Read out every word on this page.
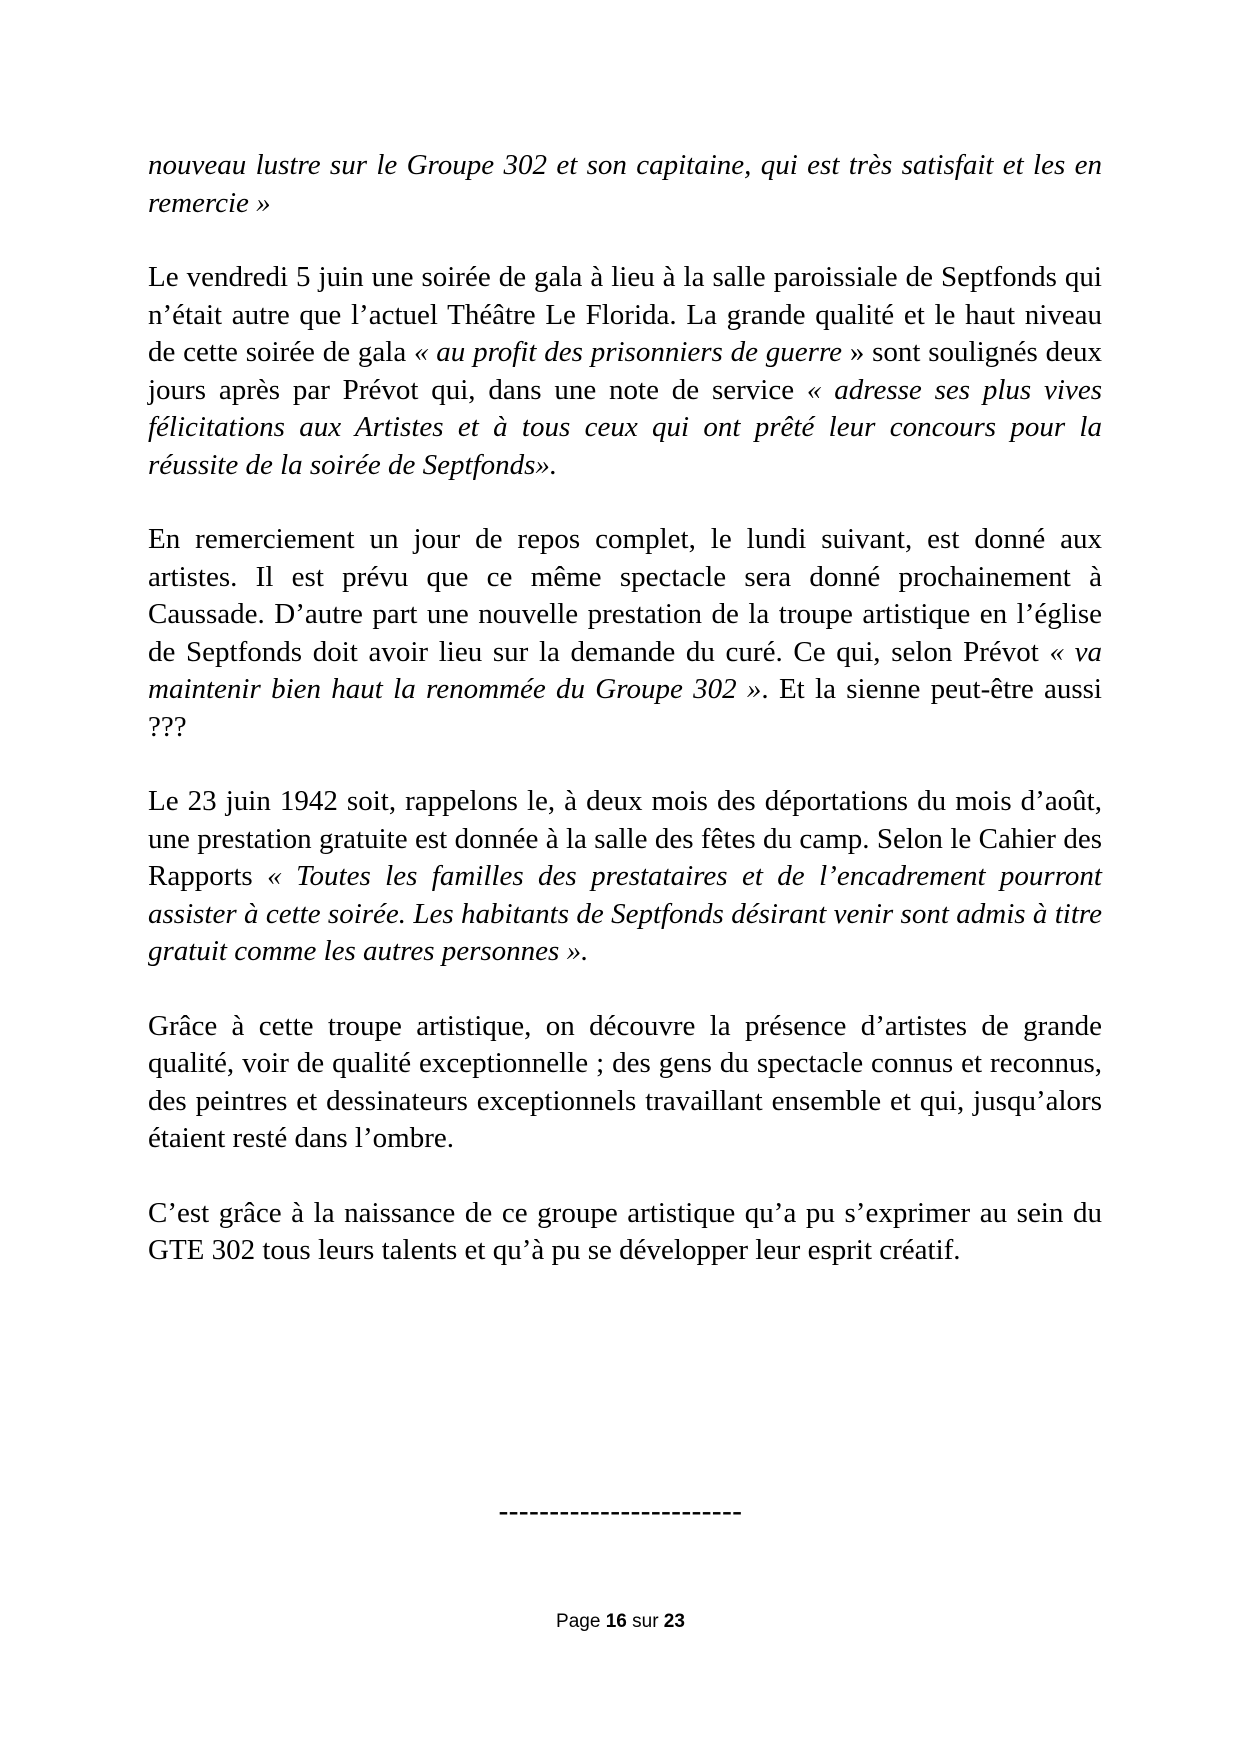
nouveau lustre sur le Groupe 302 et son capitaine, qui est très satisfait et les en remercie »

Le vendredi 5 juin une soirée de gala à lieu à la salle paroissiale de Septfonds qui n’était autre que l’actuel Théâtre Le Florida. La grande qualité et le haut niveau de cette soirée de gala « au profit des prisonniers de guerre » sont soulignés deux jours après par Prévot qui, dans une note de service « adresse ses plus vives félicitations aux Artistes et à tous ceux qui ont prêté leur concours pour la réussite de la soirée de Septfonds».

En remerciement un jour de repos complet, le lundi suivant, est donné aux artistes. Il est prévu que ce même spectacle sera donné prochainement à Caussade. D’autre part une nouvelle prestation de la troupe artistique en l’église de Septfonds doit avoir lieu sur la demande du curé. Ce qui, selon Prévot « va maintenir bien haut la renommée du Groupe 302 ». Et la sienne peut-être aussi ???

Le 23 juin 1942 soit, rappelons le, à deux mois des déportations du mois d’août, une prestation gratuite est donnée à la salle des fêtes du camp. Selon le Cahier des Rapports « Toutes les familles des prestataires et de l’encadrement pourront assister à cette soirée. Les habitants de Septfonds désirant venir sont admis à titre gratuit comme les autres personnes ».

Grâce à cette troupe artistique, on découvre la présence d’artistes de grande qualité, voir de qualité exceptionnelle ; des gens du spectacle connus et reconnus, des peintres et dessinateurs exceptionnels travaillant ensemble et qui, jusqu’alors étaient resté dans l’ombre.

C’est grâce à la naissance de ce groupe artistique qu’a pu s’exprimer au sein du GTE 302 tous leurs talents et qu’à pu se développer leur esprit créatif.

------------------------
Page 16 sur 23
